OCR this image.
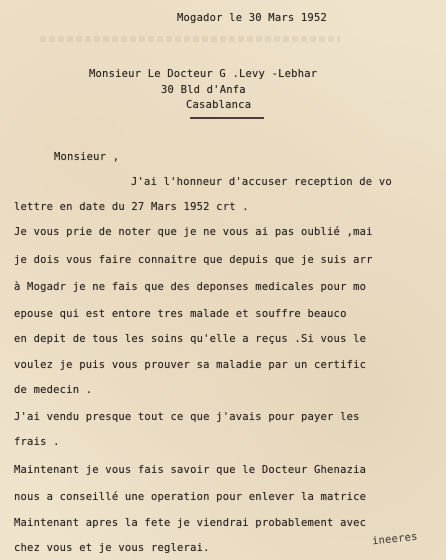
Mogador le 30 Mars 1952
Monsieur Le Docteur G .Levy -Lebhar
30 Bld d'Anfa
Casablanca
Monsieur ,
J'ai l'honneur d'accuser reception de vo
lettre en date du 27 Mars 1952 crt .
Je vous prie de noter que je ne vous ai pas oublié ,mai
je dois vous faire connaitre que depuis que je suis arr
à Mogadr je ne fais que des deponses medicales pour mo
epouse qui est entore tres malade et souffre beauco
en depit de tous les soins qu'elle a reçus .Si vous le
voulez je puis vous prouver sa maladie par un certific
de medecin .
J'ai vendu presque tout ce que j'avais pour payer les
frais .
Maintenant je vous fais savoir que le Docteur Ghenazia
nous a conseillé une operation pour enlever la matrice
Maintenant apres la fete je viendrai probablement avec
chez vous et je vous reglerai.
ineeres
